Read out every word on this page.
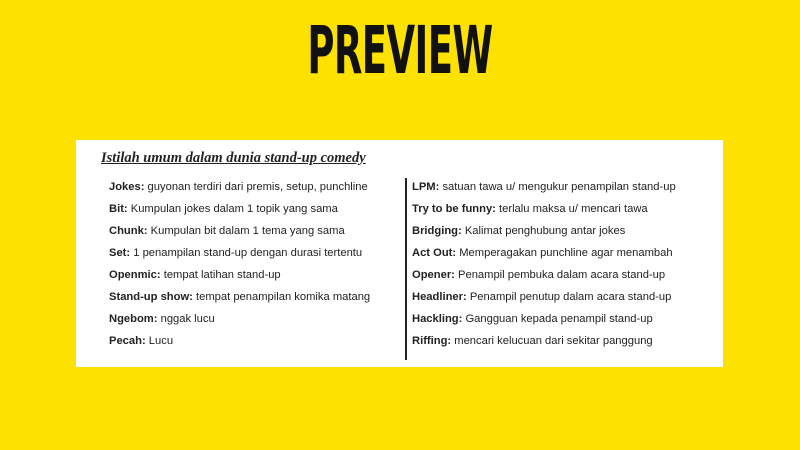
PREVIEW
Istilah umum dalam dunia stand-up comedy
Jokes: guyonan terdiri dari premis, setup, punchline
Bit: Kumpulan jokes dalam 1 topik yang sama
Chunk: Kumpulan bit dalam 1 tema yang sama
Set: 1 penampilan stand-up dengan durasi tertentu
Openmic: tempat latihan stand-up
Stand-up show: tempat penampilan komika matang
Ngebom: nggak lucu
Pecah: Lucu
LPM: satuan tawa u/ mengukur penampilan stand-up
Try to be funny: terlalu maksa u/ mencari tawa
Bridging: Kalimat penghubung antar jokes
Act Out: Memperagakan punchline agar menambah
Opener: Penampil pembuka dalam acara stand-up
Headliner: Penampil penutup dalam acara stand-up
Hackling: Gangguan kepada penampil stand-up
Riffing: mencari kelucuan dari sekitar panggung
